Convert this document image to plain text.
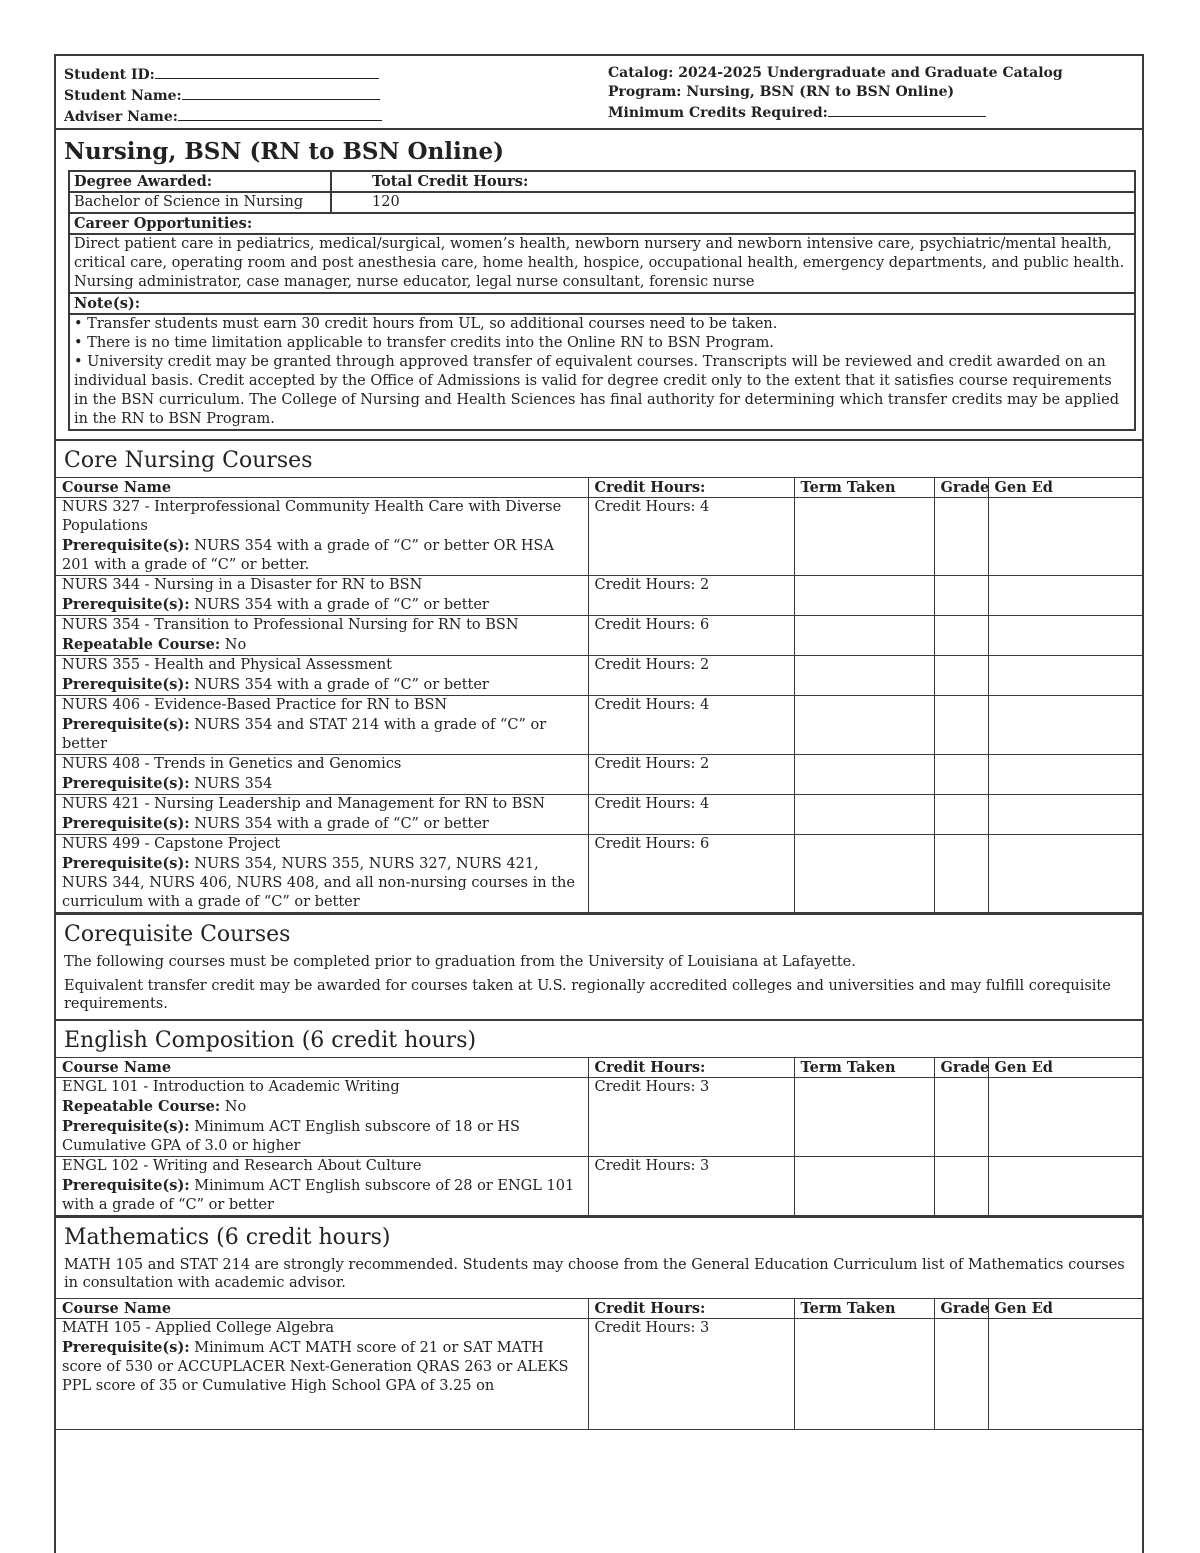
Student ID:
Student Name:
Adviser Name:
Catalog: 2024-2025 Undergraduate and Graduate Catalog
Program: Nursing, BSN (RN to BSN Online)
Minimum Credits Required:
Nursing, BSN (RN to BSN Online)
Degree Awarded:	Total Credit Hours:
Bachelor of Science in Nursing	120
Career Opportunities:
Direct patient care in pediatrics, medical/surgical, women’s health, newborn nursery and newborn intensive care, psychiatric/mental health, critical care, operating room and post anesthesia care, home health, hospice, occupational health, emergency departments, and public health. Nursing administrator, case manager, nurse educator, legal nurse consultant, forensic nurse
Note(s):
• Transfer students must earn 30 credit hours from UL, so additional courses need to be taken.
• There is no time limitation applicable to transfer credits into the Online RN to BSN Program.
• University credit may be granted through approved transfer of equivalent courses. Transcripts will be reviewed and credit awarded on an individual basis. Credit accepted by the Office of Admissions is valid for degree credit only to the extent that it satisfies course requirements in the BSN curriculum. The College of Nursing and Health Sciences has final authority for determining which transfer credits may be applied in the RN to BSN Program.
Core Nursing Courses
Course Name	Credit Hours:	Term Taken	Grade	Gen Ed

NURS 327 - Interprofessional Community Health Care with Diverse Populations
Prerequisite(s): NURS 354 with a grade of “C” or better OR HSA 201 with a grade of “C” or better.	Credit Hours: 4			

NURS 344 - Nursing in a Disaster for RN to BSN
Prerequisite(s): NURS 354 with a grade of “C” or better	Credit Hours: 2			

NURS 354 - Transition to Professional Nursing for RN to BSN
Repeatable Course: No	Credit Hours: 6			

NURS 355 - Health and Physical Assessment
Prerequisite(s): NURS 354 with a grade of “C” or better	Credit Hours: 2			

NURS 406 - Evidence-Based Practice for RN to BSN
Prerequisite(s): NURS 354 and STAT 214 with a grade of “C” or better	Credit Hours: 4			

NURS 408 - Trends in Genetics and Genomics
Prerequisite(s): NURS 354	Credit Hours: 2			

NURS 421 - Nursing Leadership and Management for RN to BSN
Prerequisite(s): NURS 354 with a grade of “C” or better	Credit Hours: 4			

NURS 499 - Capstone Project
Prerequisite(s): NURS 354, NURS 355, NURS 327, NURS 421, NURS 344, NURS 406, NURS 408, and all non-nursing courses in the curriculum with a grade of “C” or better	Credit Hours: 6			
Corequisite Courses
The following courses must be completed prior to graduation from the University of Louisiana at Lafayette.
Equivalent transfer credit may be awarded for courses taken at U.S. regionally accredited colleges and universities and may fulfill corequisite requirements.
English Composition (6 credit hours)
Course Name	Credit Hours:	Term Taken	Grade	Gen Ed

ENGL 101 - Introduction to Academic Writing
Repeatable Course: No
Prerequisite(s): Minimum ACT English subscore of 18 or HS Cumulative GPA of 3.0 or higher	Credit Hours: 3			

ENGL 102 - Writing and Research About Culture
Prerequisite(s): Minimum ACT English subscore of 28 or ENGL 101 with a grade of “C” or better	Credit Hours: 3			
Mathematics (6 credit hours)
MATH 105 and STAT 214 are strongly recommended. Students may choose from the General Education Curriculum list of Mathematics courses in consultation with academic advisor.
Course Name	Credit Hours:	Term Taken	Grade	Gen Ed

MATH 105 - Applied College Algebra
Prerequisite(s): Minimum ACT MATH score of 21 or SAT MATH score of 530 or ACCUPLACER Next-Generation QRAS 263 or ALEKS PPL score of 35 or Cumulative High School GPA of 3.25 on	Credit Hours: 3			
